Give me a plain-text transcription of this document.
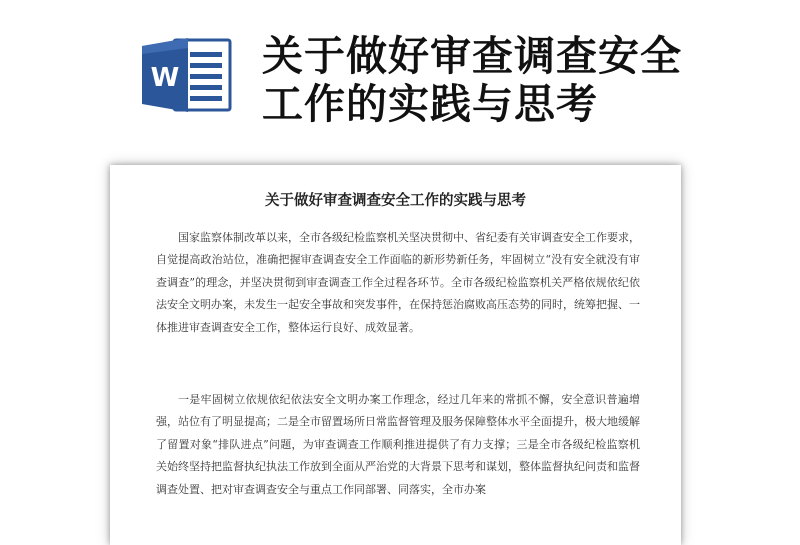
W 关于做好审查调查安全工作的实践与思考
关于做好审查调查安全工作的实践与思考

国家监察体制改革以来，全市各级纪检监察机关坚决贯彻中、省纪委有关审调查安全工作要求，自觉提高政治站位，准确把握审查调查安全工作面临的新形势新任务，牢固树立“没有安全就没有审查调查”的理念，并坚决贯彻到审查调查工作全过程各环节。全市各级纪检监察机关严格依规依纪依法安全文明办案，未发生一起安全事故和突发事件，在保持惩治腐败高压态势的同时，统筹把握、一体推进审查调查安全工作，整体运行良好、成效显著。

一是牢固树立依规依纪依法安全文明办案工作理念，经过几年来的常抓不懈，安全意识普遍增强，站位有了明显提高；二是全市留置场所日常监督管理及服务保障整体水平全面提升，极大地缓解了留置对象“排队进点”问题，为审查调查工作顺利推进提供了有力支撑；三是全市各级纪检监察机关始终坚持把监督执纪执法工作放到全面从严治党的大背景下思考和谋划，整体监督执纪问责和监督调查处置、把对审查调查安全与重点工作同部署、同落实，全市办案
